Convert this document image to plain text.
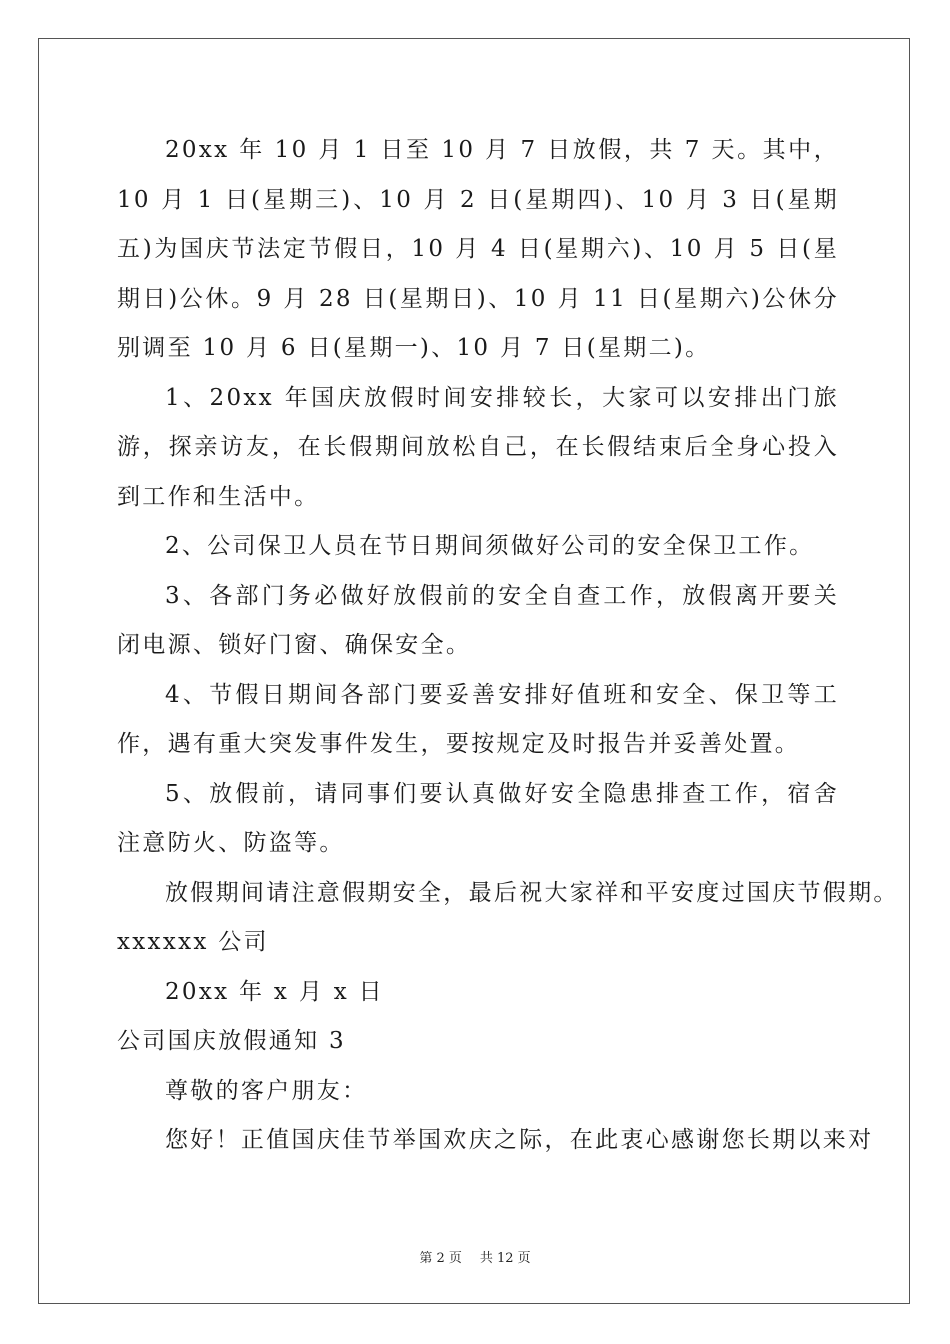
20xx 年 10 月 1 日至 10 月 7 日放假，共 7 天。其中，10 月 1 日(星期三)、10 月 2 日(星期四)、10 月 3 日(星期五)为国庆节法定节假日，10 月 4 日(星期六)、10 月 5 日(星期日)公休。9 月 28 日(星期日)、10 月 11 日(星期六)公休分别调至 10 月 6 日(星期一)、10 月 7 日(星期二)。

1、20xx 年国庆放假时间安排较长，大家可以安排出门旅游，探亲访友，在长假期间放松自己，在长假结束后全身心投入到工作和生活中。

2、公司保卫人员在节日期间须做好公司的安全保卫工作。

3、各部门务必做好放假前的安全自查工作，放假离开要关闭电源、锁好门窗、确保安全。

4、节假日期间各部门要妥善安排好值班和安全、保卫等工作，遇有重大突发事件发生，要按规定及时报告并妥善处置。

5、放假前，请同事们要认真做好安全隐患排查工作，宿舍注意防火、防盗等。

放假期间请注意假期安全，最后祝大家祥和平安度过国庆节假期。

xxxxxx 公司

20xx 年 x 月 x 日

公司国庆放假通知 3

尊敬的客户朋友：

您好！正值国庆佳节举国欢庆之际，在此衷心感谢您长期以来对

第 2 页 共 12 页
